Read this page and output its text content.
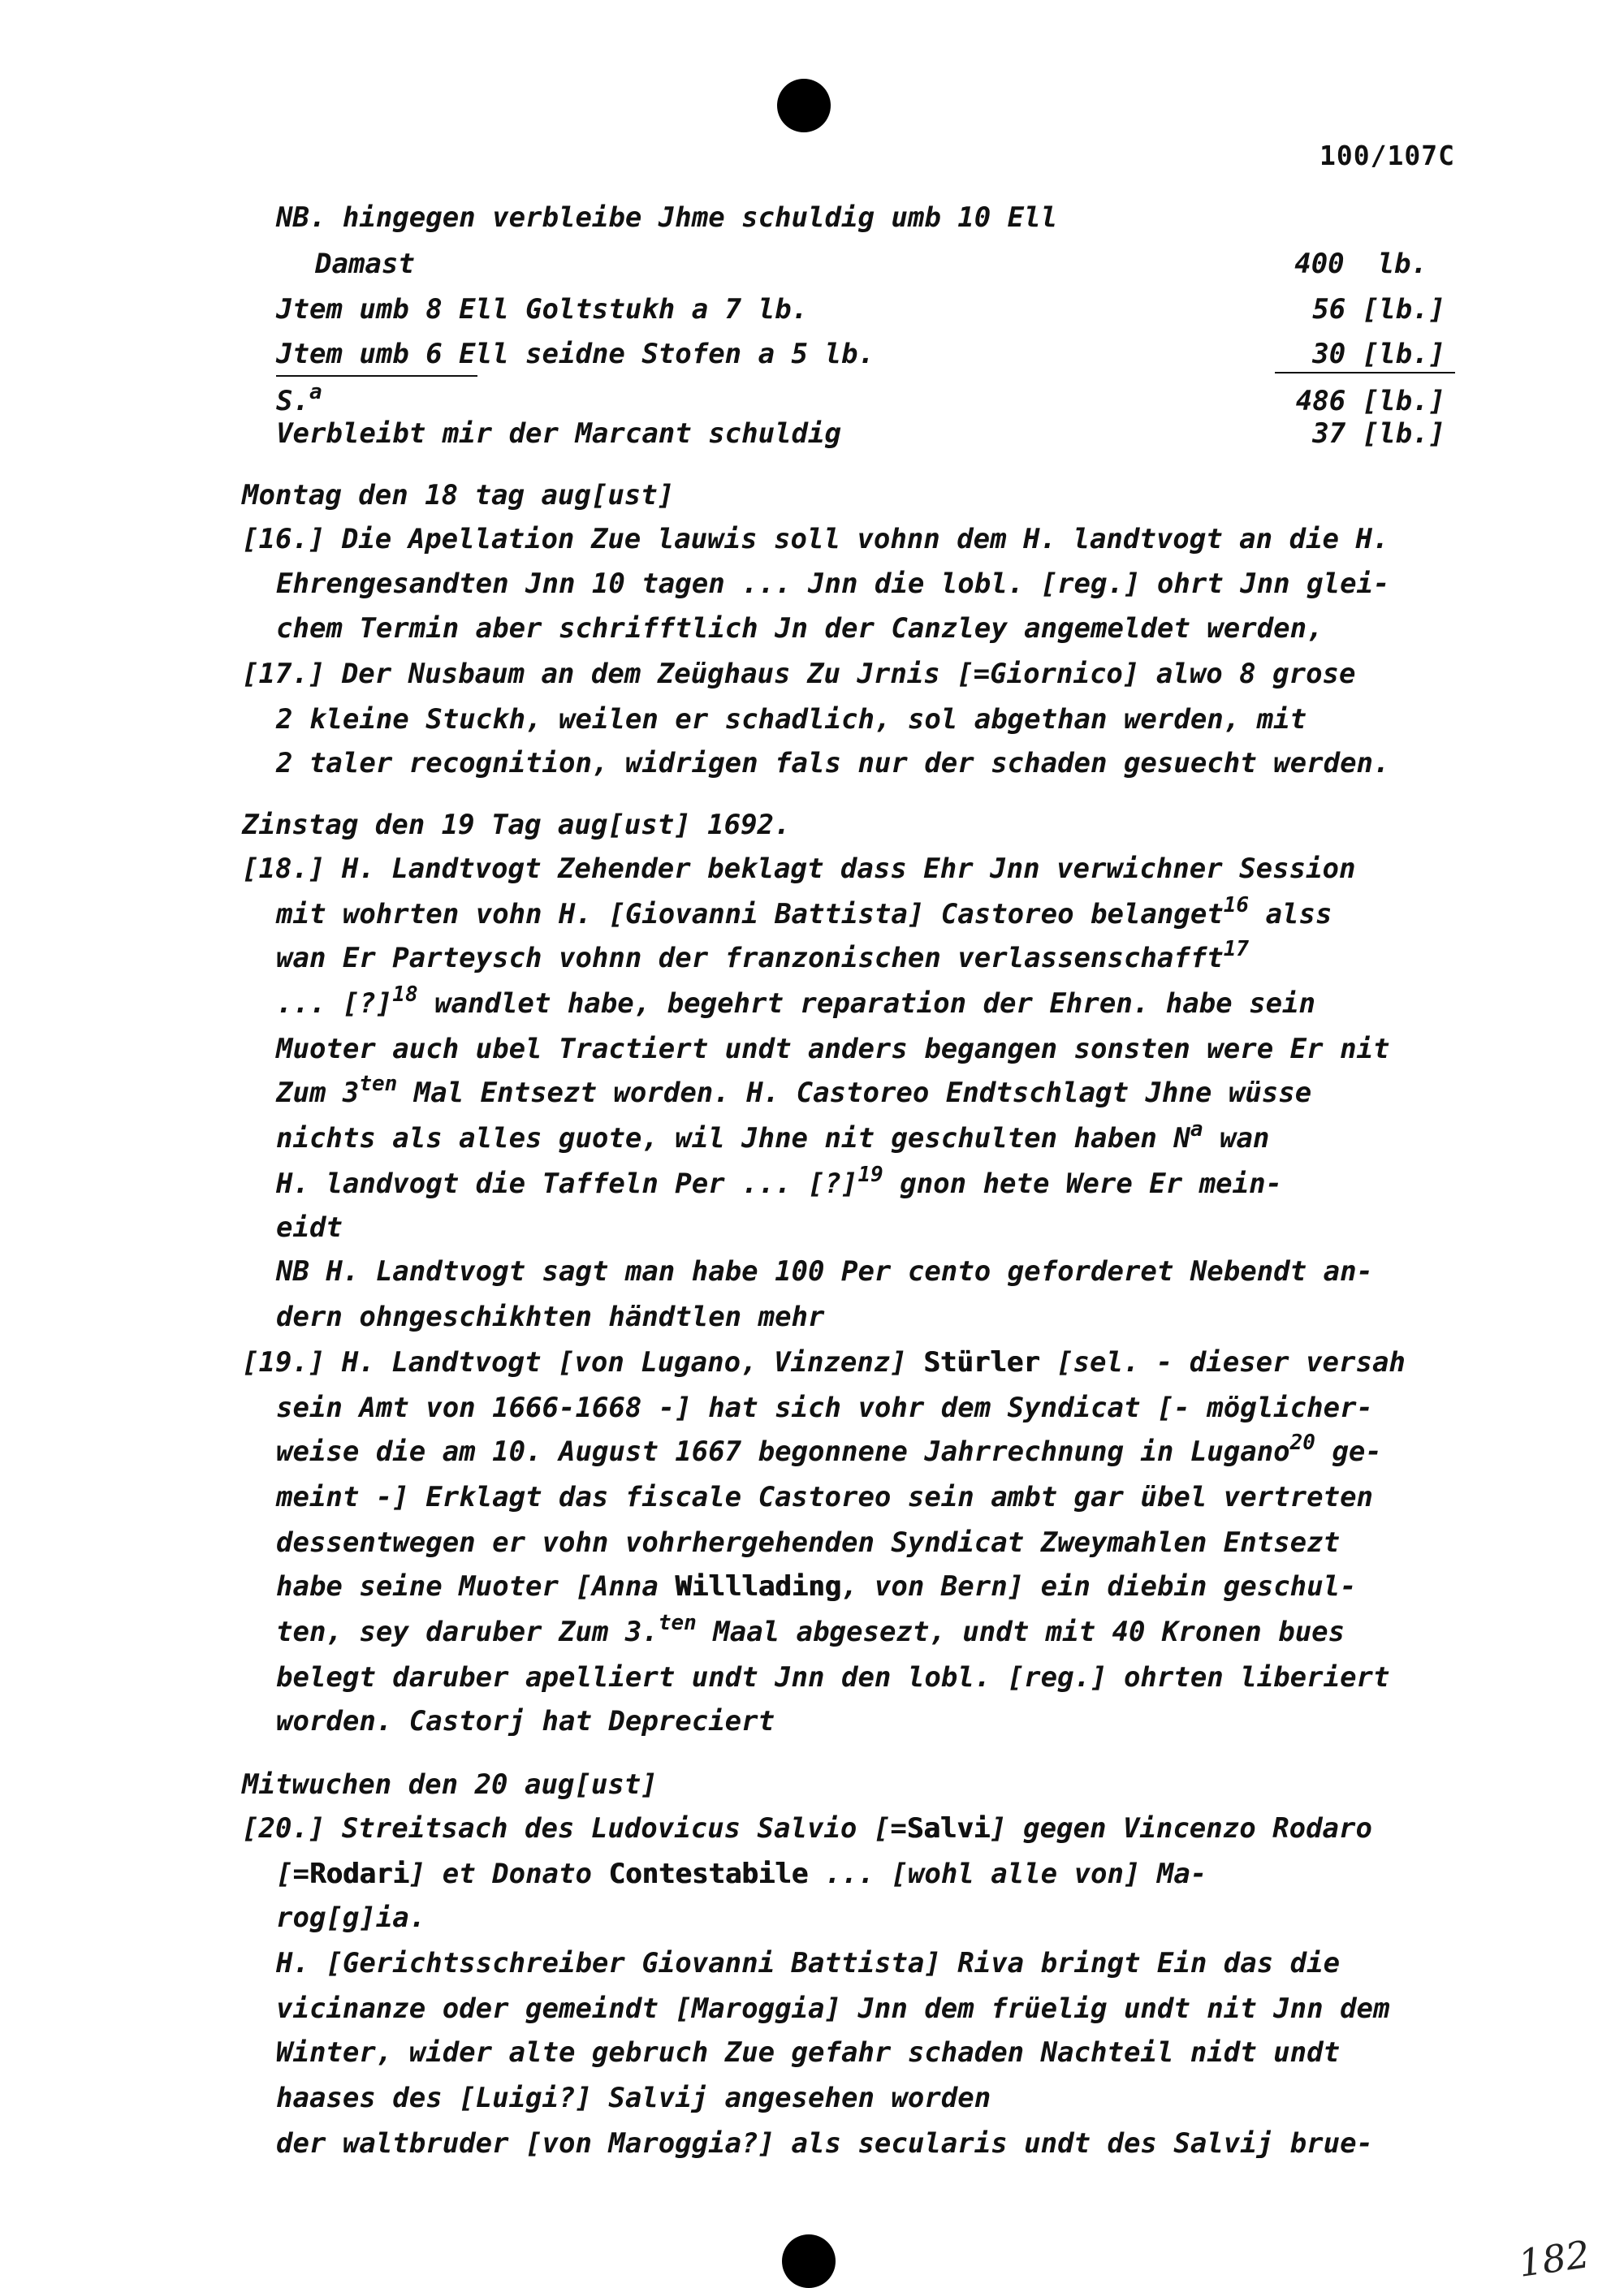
100/107C
NB. hingegen verbleibe Jhme schuldig umb 10 Ell
Damast	400  lb.
Jtem umb 8 Ell Goltstukh a 7 lb.	56 [lb.]
Jtem umb 6 Ell seidne Stofen a 5 lb.	30 [lb.]
S.$^a$	486 [lb.]
Verbleibt mir der Marcant schuldig	37 [lb.]
Montag den 18 tag aug[ust]
[16.] Die Apellation Zue lauwis soll vohnn dem H. landtvogt an die H.
Ehrengesandten Jnn 10 tagen ... Jnn die lobl. [reg.] ohrt Jnn glei-
chem Termin aber schrifftlich Jn der Canzley angemeldet werden,
[17.] Der Nusbaum an dem Zeüghaus Zu Jrnis [=Giornico] alwo 8 grose
2 kleine Stuckh, weilen er schadlich, sol abgethan werden, mit
2 taler recognition, widrigen fals nur der schaden gesuecht werden.
Zinstag den 19 Tag aug[ust] 1692.
[18.] H. Landtvogt Zehender beklagt dass Ehr Jnn verwichner Session
mit wohrten vohn H. [Giovanni Battista] Castoreo belanget$^{16}$ alss
wan Er Parteysch vohnn der franzonischen verlassenschafft$^{17}$
... [?]$^{18}$ wandlet habe, begehrt reparation der Ehren. habe sein
Muoter auch ubel Tractiert undt anders begangen sonsten were Er nit
Zum $3^{ten}$ Mal Entsezt worden. H. Castoreo Endtschlagt Jhne wüsse
nichts als alles guote, wil Jhne nit geschulten haben $N^a$ wan
H. landvogt die Taffeln Per ... [?]$^{19}$ gnon hete Were Er mein-
eidt
NB H. Landtvogt sagt man habe 100 Per cento geforderet Nebendt an-
dern ohngeschikhten händtlen mehr
[19.] H. Landtvogt [von Lugano, Vinzenz] Stürler [sel. - dieser versah
sein Amt von 1666-1668 -] hat sich vohr dem Syndicat [- möglicher-
weise die am 10. August 1667 begonnene Jahrrechnung in Lugano$^{20}$ ge-
meint -] Erklagt das fiscale Castoreo sein ambt gar übel vertreten
dessentwegen er vohn vohrhergehenden Syndicat Zweymahlen Entsezt
habe seine Muoter [Anna Willlading, von Bern] ein diebin geschul-
ten, sey daruber Zum 3.$^{ten}$ Maal abgesezt, undt mit 40 Kronen bues
belegt daruber apelliert undt Jnn den lobl. [reg.] ohrten liberiert
worden. Castorj hat Depreciert
Mitwuchen den 20 aug[ust]
[20.] Streitsach des Ludovicus Salvio [=Salvi] gegen Vincenzo Rodaro
[=Rodari] et Donato Contestabile ... [wohl alle von] Ma-
rog[g]ia.
H. [Gerichtsschreiber Giovanni Battista] Riva bringt Ein das die
vicinanze oder gemeindt [Maroggia] Jnn dem früelig undt nit Jnn dem
Winter, wider alte gebruch Zue gefahr schaden Nachteil nidt undt
haases des [Luigi?] Salvij angesehen worden
der waltbruder [von Maroggia?] als secularis undt des Salvij brue-
182
